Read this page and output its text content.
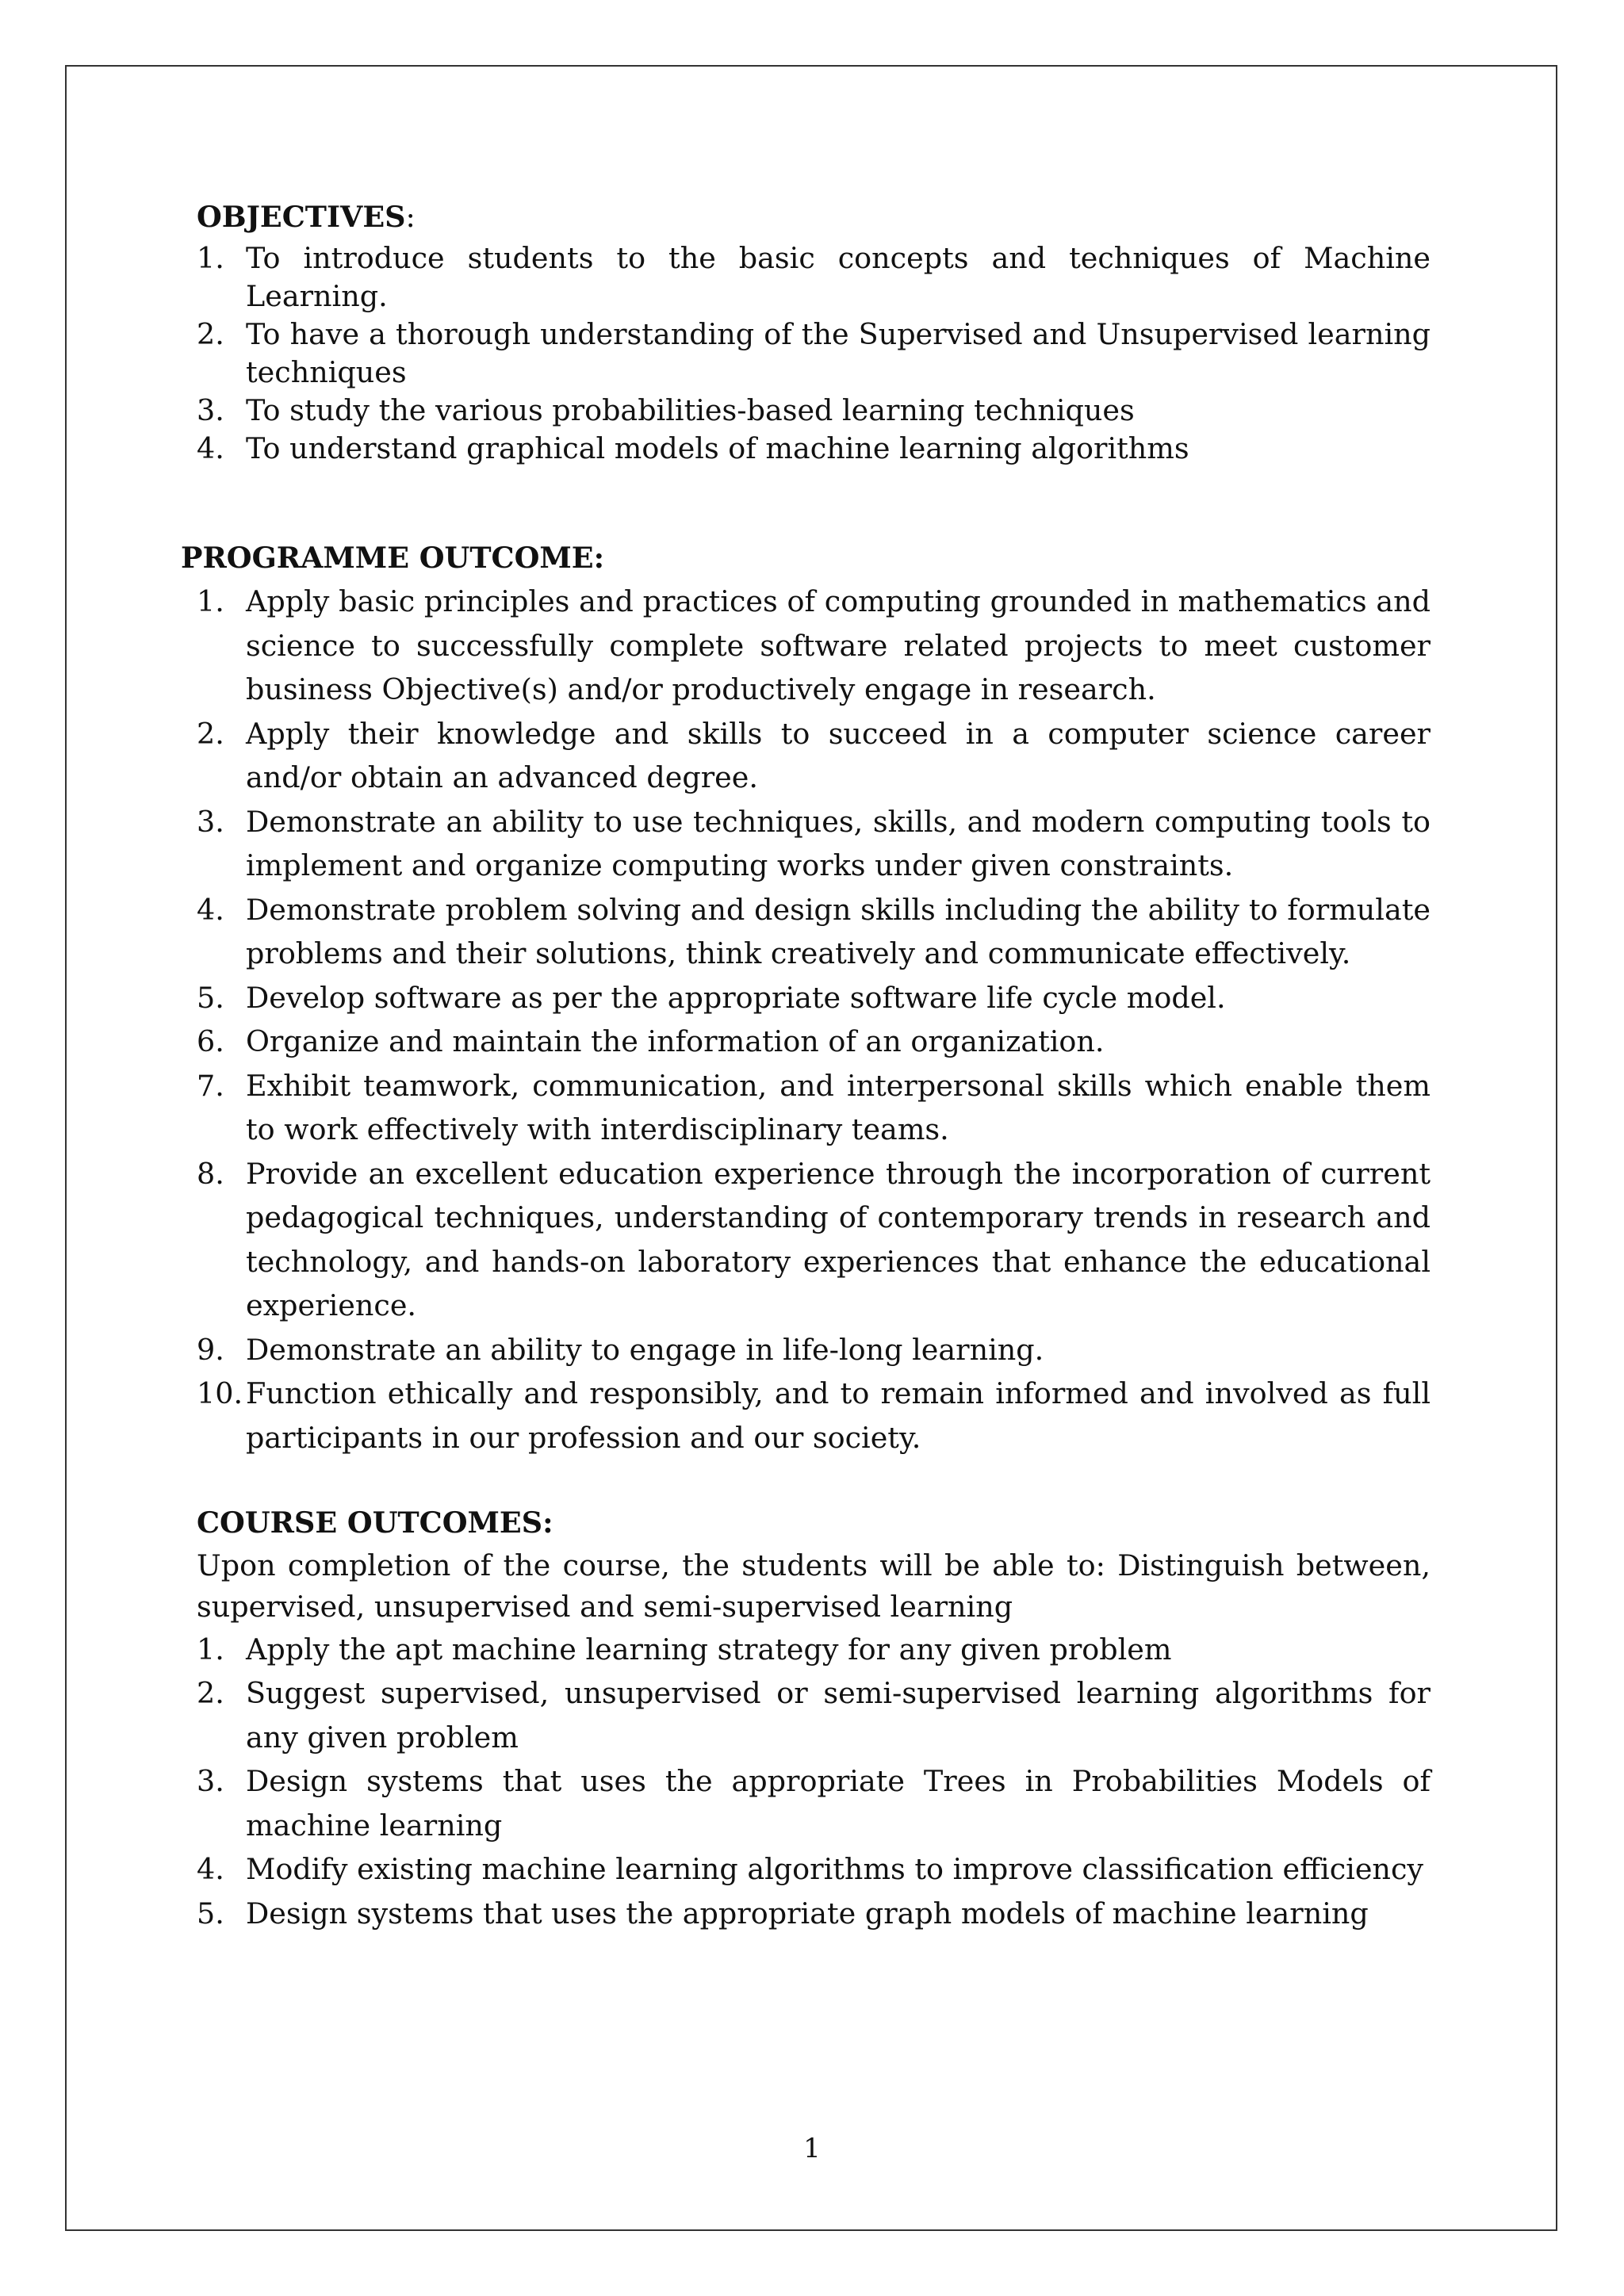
OBJECTIVES:

1. To introduce students to the basic concepts and techniques of Machine Learning.
2. To have a thorough understanding of the Supervised and Unsupervised learning techniques
3. To study the various probabilities-based learning techniques
4. To understand graphical models of machine learning algorithms

PROGRAMME OUTCOME:

1. Apply basic principles and practices of computing grounded in mathematics and science to successfully complete software related projects to meet customer business Objective(s) and/or productively engage in research.
2. Apply their knowledge and skills to succeed in a computer science career and/or obtain an advanced degree.
3. Demonstrate an ability to use techniques, skills, and modern computing tools to implement and organize computing works under given constraints.
4. Demonstrate problem solving and design skills including the ability to formulate problems and their solutions, think creatively and communicate effectively.
5. Develop software as per the appropriate software life cycle model.
6. Organize and maintain the information of an organization.
7. Exhibit teamwork, communication, and interpersonal skills which enable them to work effectively with interdisciplinary teams.
8. Provide an excellent education experience through the incorporation of current pedagogical techniques, understanding of contemporary trends in research and technology, and hands-on laboratory experiences that enhance the educational experience.
9. Demonstrate an ability to engage in life-long learning.
10. Function ethically and responsibly, and to remain informed and involved as full participants in our profession and our society.

COURSE OUTCOMES:

Upon completion of the course, the students will be able to: Distinguish between, supervised, unsupervised and semi-supervised learning

1. Apply the apt machine learning strategy for any given problem
2. Suggest supervised, unsupervised or semi-supervised learning algorithms for any given problem
3. Design systems that uses the appropriate Trees in Probabilities Models of machine learning
4. Modify existing machine learning algorithms to improve classification efficiency
5. Design systems that uses the appropriate graph models of machine learning
1
